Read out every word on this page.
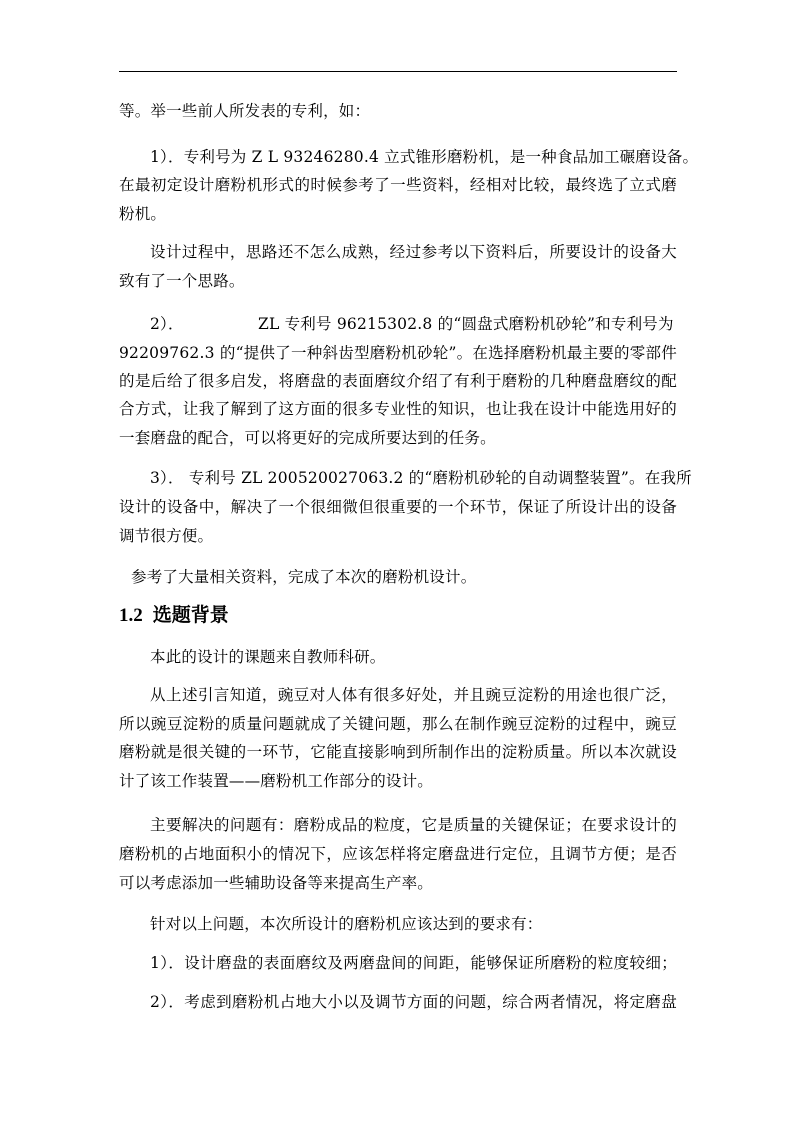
等。举一些前人所发表的专利，如：
1）．专利号为 Z L 93246280.4 立式锥形磨粉机，是一种食品加工碾磨设备。
在最初定设计磨粉机形式的时候参考了一些资料，经相对比较，最终选了立式磨
粉机。
设计过程中，思路还不怎么成熟，经过参考以下资料后，所要设计的设备大
致有了一个思路。
2）．	ZL 专利号 96215302.8 的“圆盘式磨粉机砂轮”和专利号为
92209762.3 的“提供了一种斜齿型磨粉机砂轮”。在选择磨粉机最主要的零部件
的是后给了很多启发，将磨盘的表面磨纹介绍了有利于磨粉的几种磨盘磨纹的配
合方式，让我了解到了这方面的很多专业性的知识，也让我在设计中能选用好的
一套磨盘的配合，可以将更好的完成所要达到的任务。
3）． 专利号 ZL 200520027063.2 的“磨粉机砂轮的自动调整装置”。在我所
设计的设备中，解决了一个很细微但很重要的一个环节，保证了所设计出的设备
调节很方便。
参考了大量相关资料，完成了本次的磨粉机设计。
1.2 选题背景
本此的设计的课题来自教师科研。
从上述引言知道，豌豆对人体有很多好处，并且豌豆淀粉的用途也很广泛，
所以豌豆淀粉的质量问题就成了关键问题，那么在制作豌豆淀粉的过程中，豌豆
磨粉就是很关键的一环节，它能直接影响到所制作出的淀粉质量。所以本次就设
计了该工作装置——磨粉机工作部分的设计。
主要解决的问题有：磨粉成品的粒度，它是质量的关键保证；在要求设计的
磨粉机的占地面积小的情况下，应该怎样将定磨盘进行定位，且调节方便；是否
可以考虑添加一些辅助设备等来提高生产率。
针对以上问题，本次所设计的磨粉机应该达到的要求有：
1）．设计磨盘的表面磨纹及两磨盘间的间距，能够保证所磨粉的粒度较细；
2）．考虑到磨粉机占地大小以及调节方面的问题，综合两者情况，将定磨盘
